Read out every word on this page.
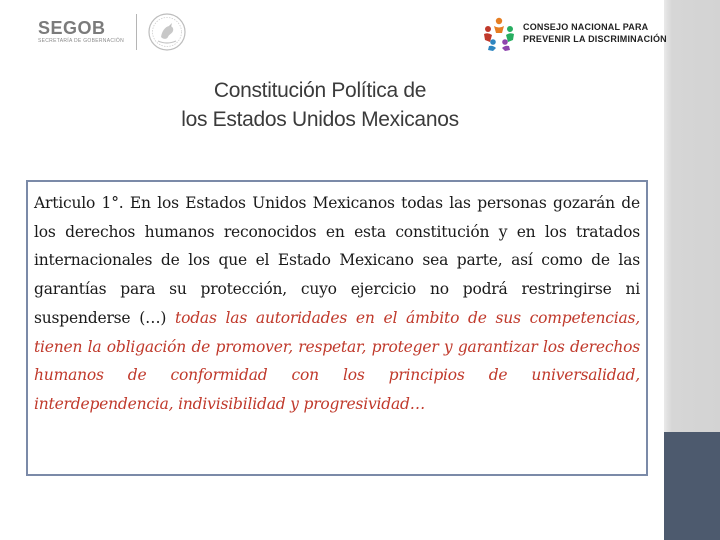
SEGOB
SECRETARÍA DE GOBERNACIÓN
CONSEJO NACIONAL PARA
PREVENIR LA DISCRIMINACIÓN
Constitución Política de
los Estados Unidos Mexicanos
Articulo 1°. En los Estados Unidos Mexicanos todas las personas gozarán de los derechos humanos reconocidos en esta constitución y en los tratados internacionales de los que el Estado Mexicano sea parte, así como de las garantías para su protección, cuyo ejercicio no podrá restringirse ni suspenderse (…) todas las autoridades en el ámbito de sus competencias, tienen la obligación de promover, respetar, proteger y garantizar los derechos humanos de conformidad con los principios de universalidad, interdependencia, indivisibilidad y progresividad…
